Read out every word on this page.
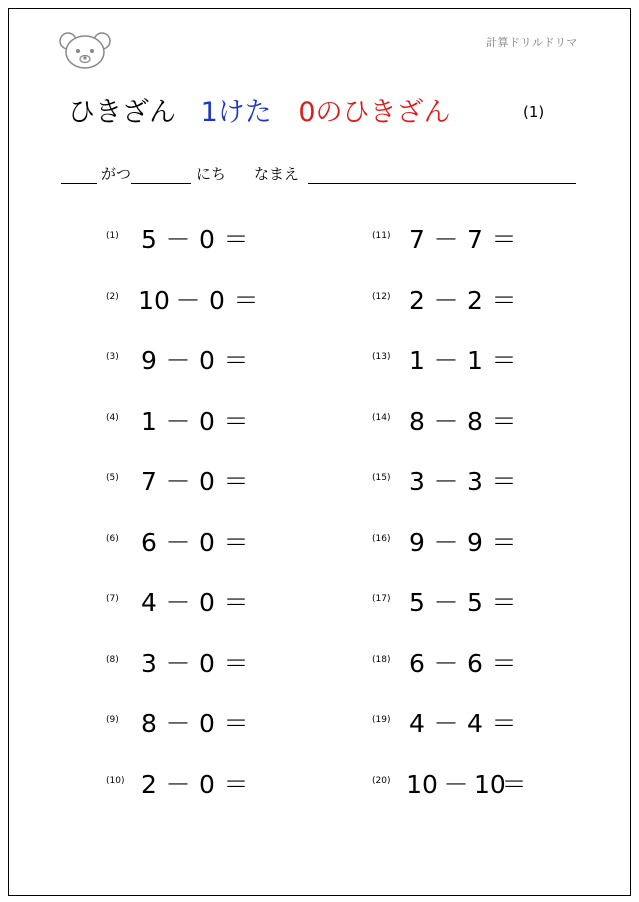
計算ドリルドリマ
ひきざん 1けた 0のひきざん	(1)
がつ	にち なまえ
(1) 5 － 0 ＝
(2) 10 － 0 ＝
(3) 9 － 0 ＝
(4) 1 － 0 ＝
(5) 7 － 0 ＝
(6) 6 － 0 ＝
(7) 4 － 0 ＝
(8) 3 － 0 ＝
(9) 8 － 0 ＝
(10) 2 － 0 ＝
(11) 7 － 7 ＝
(12) 2 － 2 ＝
(13) 1 － 1 ＝
(14) 8 － 8 ＝
(15) 3 － 3 ＝
(16) 9 － 9 ＝
(17) 5 － 5 ＝
(18) 6 － 6 ＝
(19) 4 － 4 ＝
(20) 10 － 10＝
